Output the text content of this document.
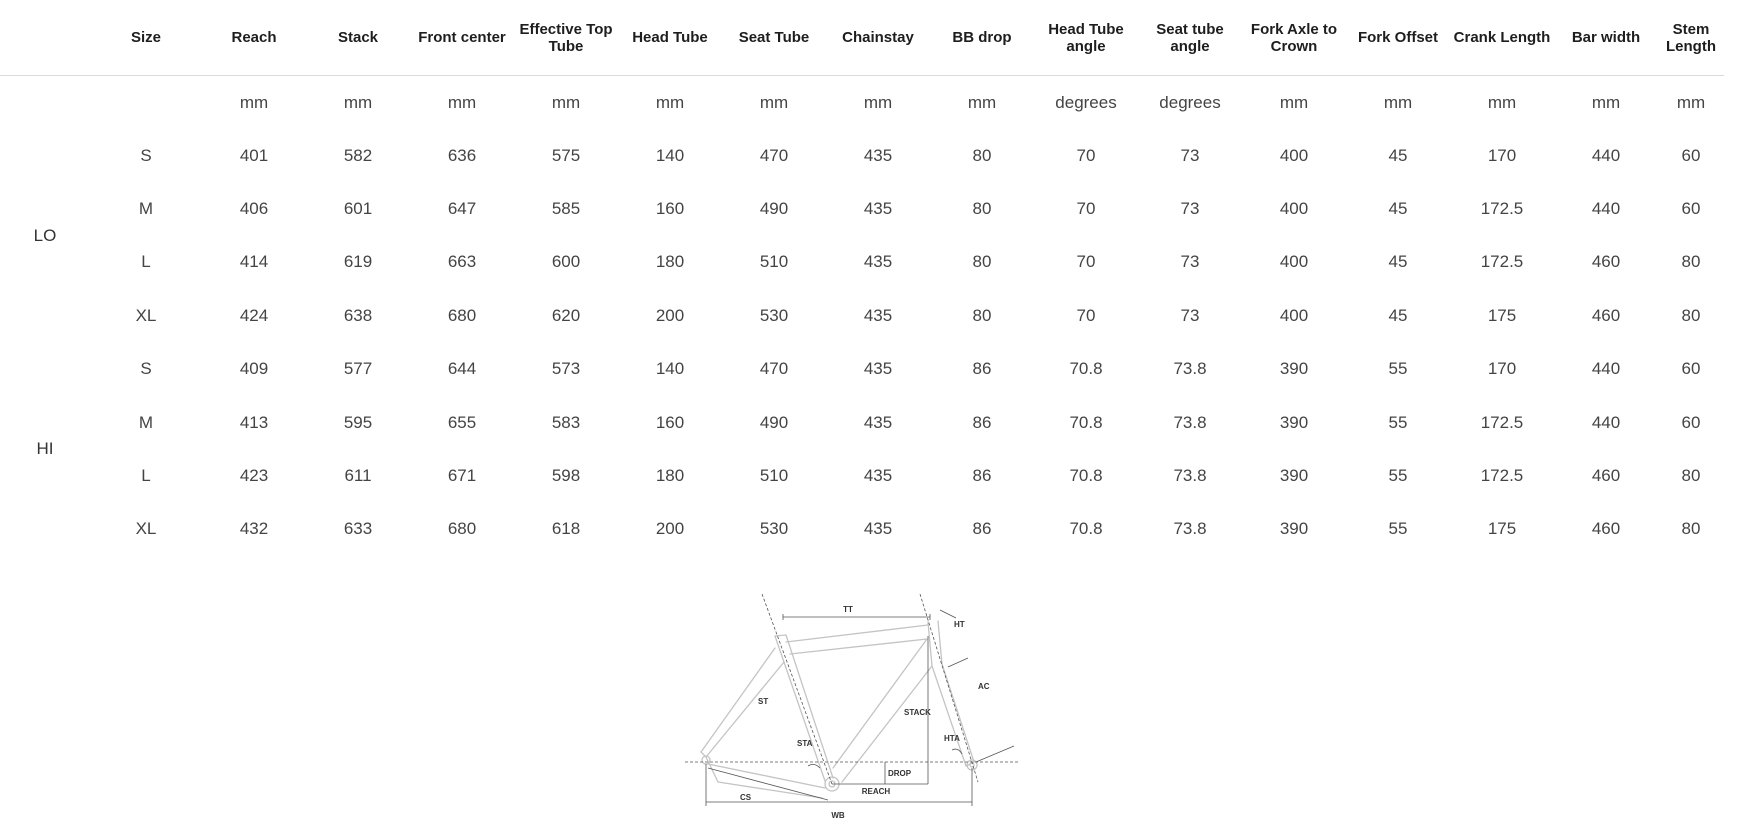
	Size	Reach	Stack	Front center	Effective Top Tube	Head Tube	Seat Tube	Chainstay	BB drop	Head Tube angle	Seat tube angle	Fork Axle to Crown	Fork Offset	Crank Length	Bar width	Stem Length
		mm	mm	mm	mm	mm	mm	mm	mm	degrees	degrees	mm	mm	mm	mm	mm
LO	S	401	582	636	575	140	470	435	80	70	73	400	45	170	440	60
	M	406	601	647	585	160	490	435	80	70	73	400	45	172.5	440	60
	L	414	619	663	600	180	510	435	80	70	73	400	45	172.5	460	80
	XL	424	638	680	620	200	530	435	80	70	73	400	45	175	460	80
HI	S	409	577	644	573	140	470	435	86	70.8	73.8	390	55	170	440	60
	M	413	595	655	583	160	490	435	86	70.8	73.8	390	55	172.5	440	60
	L	423	611	671	598	180	510	435	86	70.8	73.8	390	55	172.5	460	80
	XL	432	633	680	618	200	530	435	86	70.8	73.8	390	55	175	460	80
TT
HT
AC
ST
STACK
STA
HTA
DROP
REACH
CS
WB
